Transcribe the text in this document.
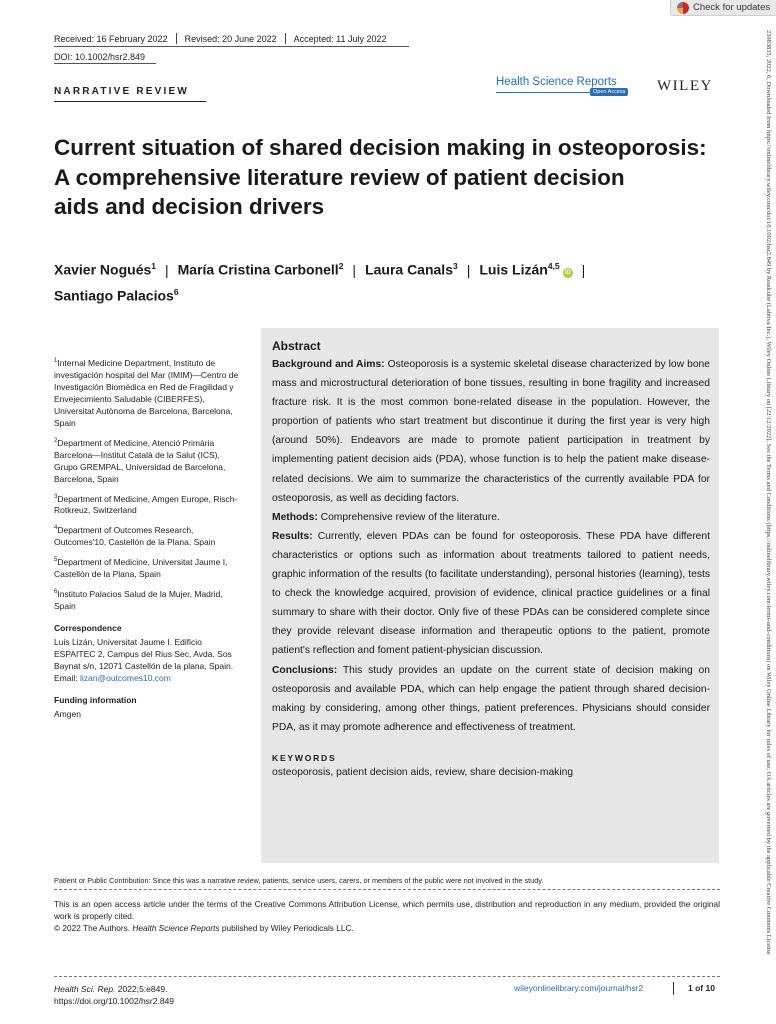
Check for updates
23983835, 2022, 6, Downloaded from https://onlinelibrary.wiley.com/doi/10.1002/hsr2.849 by Readcube (Labtiva Inc.), Wiley Online Library on [22/12/2022]. See the Terms and Conditions (https://onlinelibrary.wiley.com/terms-and-conditions) on Wiley Online Library for rules of use; OA articles are governed by the applicable Creative Commons License
Received: 16 February 2022 Revised: 20 June 2022 Accepted: 11 July 2022
DOI: 10.1002/hsr2.849
NARRATIVE REVIEW
Health Science Reports
Open Access WILEY
Current situation of shared decision making in osteoporosis:
A comprehensive literature review of patient decision
aids and decision drivers
Xavier Nogués$^1$ | María Cristina Carbonell$^2$ | Laura Canals$^3$ | Luis Lizán$^{4,5}$iD |
Santiago Palacios$^6$
$^1$Internal Medicine Department, Instituto de investigación hospital del Mar (IMIM)—Centro de Investigación Biomédica en Red de Fragilidad y Envejecimiento Saludable (CIBERFES), Universitat Autònoma de Barcelona, Barcelona, Spain
$^2$Department of Medicine, Atenció Primària Barcelona—Institut Català de la Salut (ICS), Grupo GREMPAL, Universidad de Barcelona, Barcelona, Spain
$^3$Department of Medicine, Amgen Europe, Risch-Rotkreuz, Switzerland
$^4$Department of Outcomes Research, Outcomes'10, Castellón de la Plana, Spain
$^5$Department of Medicine, Universitat Jaume I, Castellón de la Plana, Spain
$^6$Instituto Palacios Salud de la Mujer, Madrid, Spain
Correspondence
Luis Lizán, Universitat Jaume I. Edificio ESPAITEC 2, Campus del Rius Sec, Avda. Sos Baynat s/n, 12071 Castellón de la plana, Spain.
Email: lizan@outcomes10.com
Funding information
Amgen
Abstract

Background and Aims: Osteoporosis is a systemic skeletal disease characterized by low bone mass and microstructural deterioration of bone tissues, resulting in bone fragility and increased fracture risk. It is the most common bone-related disease in the population. However, the proportion of patients who start treatment but discontinue it during the first year is very high (around 50%). Endeavors are made to promote patient participation in treatment by implementing patient decision aids (PDA), whose function is to help the patient make disease-related decisions. We aim to summarize the characteristics of the currently available PDA for osteoporosis, as well as deciding factors.

Methods: Comprehensive review of the literature.

Results: Currently, eleven PDAs can be found for osteoporosis. These PDA have different characteristics or options such as information about treatments tailored to patient needs, graphic information of the results (to facilitate understanding), personal histories (learning), tests to check the knowledge acquired, provision of evidence, clinical practice guidelines or a final summary to share with their doctor. Only five of these PDAs can be considered complete since they provide relevant disease information and therapeutic options to the patient, promote patient's reflection and foment patient-physician discussion.

Conclusions: This study provides an update on the current state of decision making on osteoporosis and available PDA, which can help engage the patient through shared decision-making by considering, among other things, patient preferences. Physicians should consider PDA, as it may promote adherence and effectiveness of treatment.

KEYWORDS

osteoporosis, patient decision aids, review, share decision-making

Patient or Public Contribution: Since this was a narrative review, patients, service users, carers, or members of the public were not involved in the study.
This is an open access article under the terms of the Creative Commons Attribution License, which permits use, distribution and reproduction in any medium, provided the original work is properly cited.
© 2022 The Authors. Health Science Reports published by Wiley Periodicals LLC.
Health Sci. Rep. 2022;5:e849.
https://doi.org/10.1002/hsr2.849
wileyonlinelibrary.com/journal/hsr2	1 of 10
